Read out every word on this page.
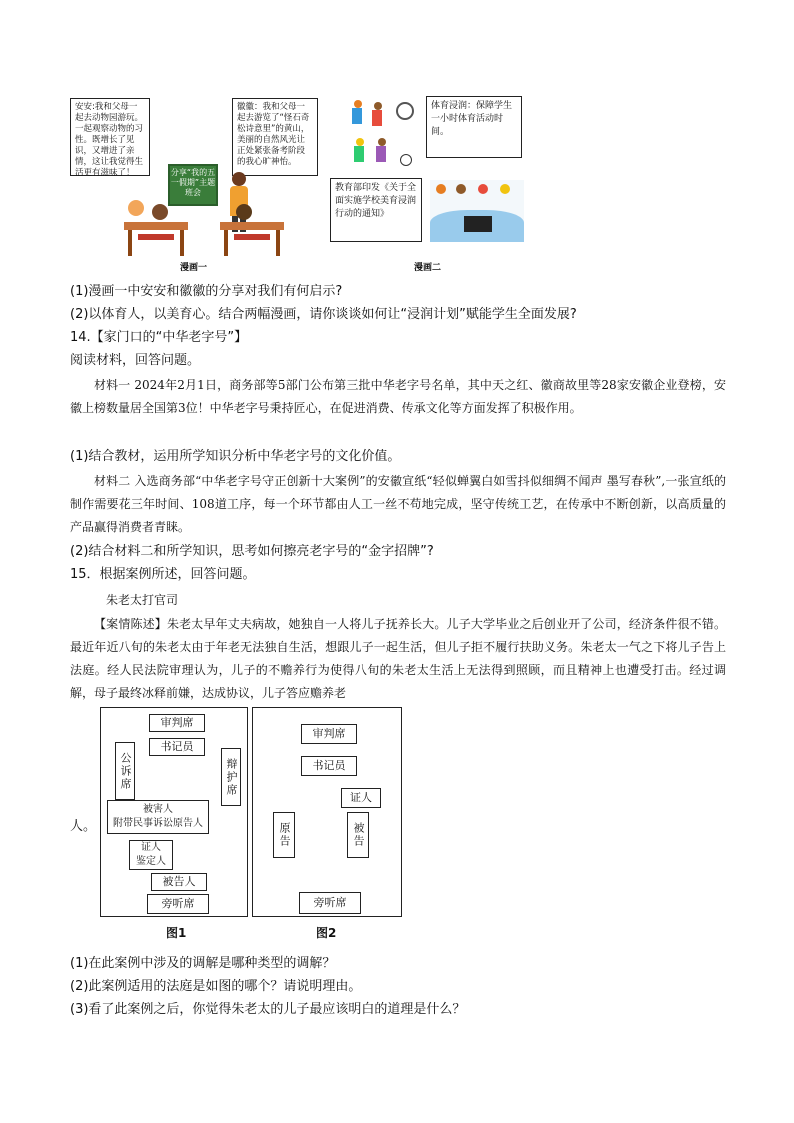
安安:我和父母一起去动物园游玩。一起观察动物的习性。既增长了见识，又增进了亲情，这让我觉得生活更有滋味了！
徽徽：我和父母一起去游览了“怪石奇松诗意里”的黄山，美丽的自然风光让正处紧张备考阶段的我心旷神怡。
分享“我的五一假期”主题班会
漫画一
体育浸润：保障学生一小时体育活动时间。
教育部印发《关于全面实施学校美育浸润行动的通知》
漫画二
(1)漫画一中安安和徽徽的分享对我们有何启示?
(2)以体育人，以美育心。结合两幅漫画，请你谈谈如何让“浸润计划”赋能学生全面发展?
14.【家门口的“中华老字号”】
阅读材料，回答问题。
材料一 2024年2月1日，商务部等5部门公布第三批中华老字号名单，其中天之红、徽商故里等28家安徽企业登榜，安徽上榜数量居全国第3位！中华老字号秉持匠心，在促进消费、传承文化等方面发挥了积极作用。
(1)结合教材，运用所学知识分析中华老字号的文化价值。
材料二 入选商务部“中华老字号守正创新十大案例”的安徽宣纸“轻似蝉翼白如雪抖似细绸不闻声 墨写春秋”,一张宣纸的制作需要花三年时间、108道工序，每一个环节都由人工一丝不苟地完成，坚守传统工艺，在传承中不断创新，以高质量的产品赢得消费者青睐。
(2)结合材料二和所学知识，思考如何擦亮老字号的“金字招牌”?
15．根据案例所述，回答问题。
朱老太打官司
【案情陈述】朱老太早年丈夫病故，她独自一人将儿子抚养长大。儿子大学毕业之后创业开了公司，经济条件很不错。最近年近八旬的朱老太由于年老无法独自生活，想跟儿子一起生活，但儿子拒不履行扶助义务。朱老太一气之下将儿子告上法庭。经人民法院审理认为，儿子的不赡养行为使得八旬的朱老太生活上无法得到照顾，而且精神上也遭受打击。经过调解，母子最终冰释前嫌，达成协议，儿子答应赡养老
人。
审判席
书记员
公诉席	辩护席
被害人
附带民事诉讼原告人
证人
鉴定人
被告人
旁听席
图1
审判席
书记员
证人
原告	被告
旁听席
图2
(1)在此案例中涉及的调解是哪种类型的调解？
(2)此案例适用的法庭是如图的哪个？请说明理由。
(3)看了此案例之后，你觉得朱老太的儿子最应该明白的道理是什么？
